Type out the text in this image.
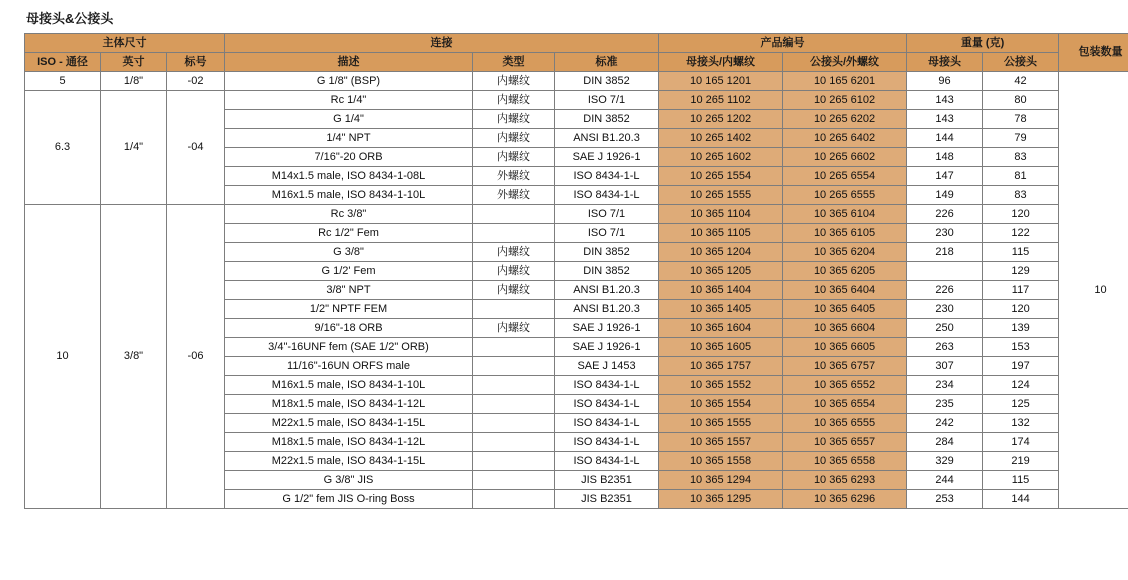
母接头&公接头
主体尺寸			连接			产品编号		重量 (克)		包装数量
ISO - 通径	英寸	标号	描述	类型	标准	母接头/内螺纹	公接头/外螺纹	母接头	公接头	
5	1/8"	-02	G 1/8" (BSP)	内螺纹	DIN 3852	10 165 1201	10 165 6201	96	42	10
6.3	1/4"	-04	Rc 1/4"	内螺纹	ISO 7/1	10 265 1102	10 265 6102	143	80	
			G 1/4"	内螺纹	DIN 3852	10 265 1202	10 265 6202	143	78	
			1/4" NPT	内螺纹	ANSI B1.20.3	10 265 1402	10 265 6402	144	79	
			7/16"-20 ORB	内螺纹	SAE J 1926-1	10 265 1602	10 265 6602	148	83	
			M14x1.5 male, ISO 8434-1-08L	外螺纹	ISO 8434-1-L	10 265 1554	10 265 6554	147	81	
			M16x1.5 male, ISO 8434-1-10L	外螺纹	ISO 8434-1-L	10 265 1555	10 265 6555	149	83	
10	3/8"	-06	Rc 3/8"		ISO 7/1	10 365 1104	10 365 6104	226	120	
			Rc 1/2" Fem		ISO 7/1	10 365 1105	10 365 6105	230	122	
			G 3/8"	内螺纹	DIN 3852	10 365 1204	10 365 6204	218	115	
			G 1/2' Fem	内螺纹	DIN 3852	10 365 1205	10 365 6205		129	
			3/8" NPT	内螺纹	ANSI B1.20.3	10 365 1404	10 365 6404	226	117	
			1/2" NPTF FEM		ANSI B1.20.3	10 365 1405	10 365 6405	230	120	
			9/16"-18 ORB	内螺纹	SAE J 1926-1	10 365 1604	10 365 6604	250	139	
			3/4"-16UNF fem (SAE 1/2" ORB)		SAE J 1926-1	10 365 1605	10 365 6605	263	153	
			11/16"-16UN ORFS male		SAE J 1453	10 365 1757	10 365 6757	307	197	
			M16x1.5 male, ISO 8434-1-10L		ISO 8434-1-L	10 365 1552	10 365 6552	234	124	
			M18x1.5 male, ISO 8434-1-12L		ISO 8434-1-L	10 365 1554	10 365 6554	235	125	
			M22x1.5 male, ISO 8434-1-15L		ISO 8434-1-L	10 365 1555	10 365 6555	242	132	
			M18x1.5 male, ISO 8434-1-12L		ISO 8434-1-L	10 365 1557	10 365 6557	284	174	
			M22x1.5 male, ISO 8434-1-15L		ISO 8434-1-L	10 365 1558	10 365 6558	329	219	
			G 3/8" JIS		JIS B2351	10 365 1294	10 365 6293	244	115	
			G 1/2" fem JIS O-ring Boss		JIS B2351	10 365 1295	10 365 6296	253	144	
